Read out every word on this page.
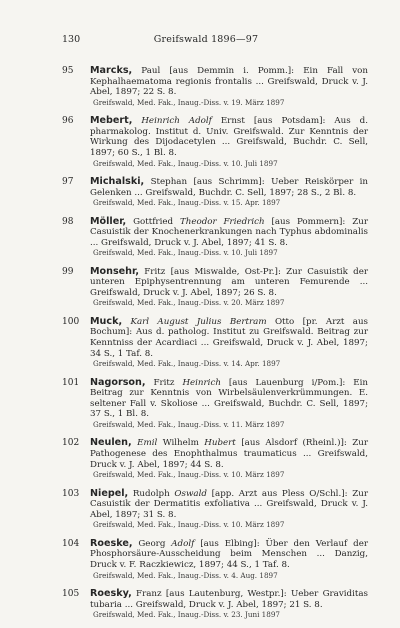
130	Greifswald 1896—97
95 Marcks, Paul [aus Demmin i. Pomm.]: Ein Fall von Kephalhaematoma regionis frontalis ... Greifswald, Druck v. J. Abel, 1897; 22 S. 8.
Greifswald, Med. Fak., Inaug.-Diss. v. 19. März 1897
96 Mebert, Heinrich Adolf Ernst [aus Potsdam]: Aus d. pharmakolog. Institut d. Univ. Greifswald. Zur Kenntnis der Wirkung des Dijodacetylen ... Greifswald, Buchdr. C. Sell, 1897; 60 S., 1 Bl. 8.
Greifswald, Med. Fak., Inaug.-Diss. v. 10. Juli 1897
97 Michalski, Stephan [aus Schrimm]: Ueber Reiskörper in Gelenken ... Greifswald, Buchdr. C. Sell, 1897; 28 S., 2 Bl. 8.
Greifswald, Med. Fak., Inaug.-Diss. v. 15. Apr. 1897
98 Möller, Gottfried Theodor Friedrich [aus Pommern]: Zur Casuistik der Knochenerkrankungen nach Typhus abdominalis ... Greifswald, Druck v. J. Abel, 1897; 41 S. 8.
Greifswald, Med. Fak., Inaug.-Diss. v. 10. Juli 1897
99 Monsehr, Fritz [aus Miswalde, Ost-Pr.]: Zur Casuistik der unteren Epiphysentrennung am unteren Femurende ... Greifswald, Druck v. J. Abel, 1897; 26 S. 8.
Greifswald, Med. Fak., Inaug.-Diss. v. 20. März 1897
100 Muck, Karl August Julius Bertram Otto [pr. Arzt aus Bochum]: Aus d. patholog. Institut zu Greifswald. Beitrag zur Kenntniss der Acardiaci ... Greifswald, Druck v. J. Abel, 1897; 34 S., 1 Taf. 8.
Greifswald, Med. Fak., Inaug.-Diss. v. 14. Apr. 1897
101 Nagorson, Fritz Heinrich [aus Lauenburg i/Pom.]: Ein Beitrag zur Kenntnis von Wirbelsäulenverkrümmungen. E. seltener Fall v. Skoliose ... Greifswald, Buchdr. C. Sell, 1897; 37 S., 1 Bl. 8.
Greifswald, Med. Fak., Inaug.-Diss. v. 11. März 1897
102 Neulen, Emil Wilhelm Hubert [aus Alsdorf (Rheinl.)]: Zur Pathogenese des Enophthalmus traumaticus ... Greifswald, Druck v. J. Abel, 1897; 44 S. 8.
Greifswald, Med. Fak., Inaug.-Diss. v. 10. März 1897
103 Niepel, Rudolph Oswald [app. Arzt aus Pless O/Schl.]: Zur Casuistik der Dermatitis exfoliativa ... Greifswald, Druck v. J. Abel, 1897; 31 S. 8.
Greifswald, Med. Fak., Inaug.-Diss. v. 10. März 1897
104 Roeske, Georg Adolf [aus Elbing]: Über den Verlauf der Phosphorsäure-Ausscheidung beim Menschen ... Danzig, Druck v. F. Raczkiewicz, 1897; 44 S., 1 Taf. 8.
Greifswald, Med. Fak., Inaug.-Diss. v. 4. Aug. 1897
105 Roesky, Franz [aus Lautenburg, Westpr.]: Ueber Graviditas tubaria ... Greifswald, Druck v. J. Abel, 1897; 21 S. 8.
Greifswald, Med. Fak., Inaug.-Diss. v. 23. Juni 1897
